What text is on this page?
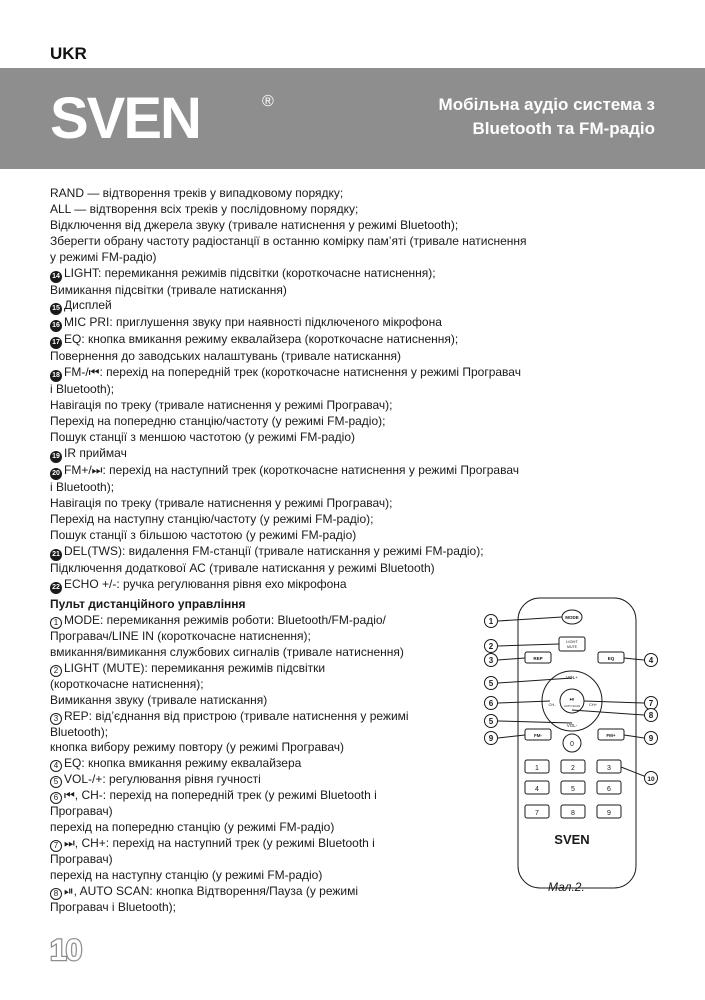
UKR
SVEN	®	Мобільна аудіо система з
Bluetooth та FM-радіо
RAND — відтворення треків у випадковому порядку;
ALL — відтворення всіх треків у послідовному порядку;
Відключення від джерела звуку (тривале натиснення у режимі Bluetooth);
Зберегти обрану частоту радіостанції в останню комірку пам’яті (тривале натиснення
у режимі FM-радіо)
14 LIGHT: перемикання режимів підсвітки (короткочасне натиснення);
Вимикання підсвітки (тривале натискання)
15 Дисплей
16 MIC PRI: приглушення звуку при наявності підключеного мікрофона
17 EQ: кнопка вмикання режиму еквалайзера (короткочасне натиснення);
Повернення до заводських налаштувань (тривале натискання)
18 FM-/⏮: перехід на попередній трек (короткочасне натиснення у режимі Програвач
і Bluetooth);
Навігація по треку (тривале натиснення у режимі Програвач);
Перехід на попередню станцію/частоту (у режимі FM-радіо);
Пошук станції з меншою частотою (у режимі FM-радіо)
19 IR приймач
20 FM+/⏭: перехід на наступний трек (короткочасне натиснення у режимі Програвач
і Bluetooth);
Навігація по треку (тривале натиснення у режимі Програвач);
Перехід на наступну станцію/частоту (у режимі FM-радіо);
Пошук станції з більшою частотою (у режимі FM-радіо)
21 DEL(TWS): видалення FM-станції (тривале натискання у режимі FM-радіо);
Підключення додаткової АС (тривале натискання у режимі Bluetooth)
22 ECHO +/-: ручка регулювання рівня ехо мікрофона
Пульт дистанційного управління
1 MODE: перемикання режимів роботи: Bluetooth/FM-радіо/
Програвач/LINE IN (короткочасне натиснення);
вмикання/вимикання службових сигналів (тривале натиснення)
2 LIGHT (MUTE): перемикання режимів підсвітки
(короткочасне натиснення);
Вимикання звуку (тривале натискання)
3 REP: від’єднання від пристрою (тривале натиснення у режимі
Bluetooth);
кнопка вибору режиму повтору (у режимі Програвач)
4 EQ: кнопка вмикання режиму еквалайзера
5 VOL-/+: регулювання рівня гучності
6 ⏮, CH-: перехід на попередній трек (у режимі Bluetooth і
Програвач)
перехід на попередню станцію (у режимі FM-радіо)
7 ⏭, CH+: перехід на наступний трек (у режимі Bluetooth і
Програвач)
перехід на наступну станцію (у режимі FM-радіо)
8 ⏯, AUTO SCAN: кнопка Відтворення/Пауза (у режимі
Програвач і Bluetooth);
MODE
LIGHT
MUTE
REP	EQ
VOL+
VOL-
CH-	CH+
⏯
AUTO SCAN
FM-
0
FM+
1	2	3
4	5	6
7	8	9
SVEN
1
2
3	4
5
6	7
8
5
9	9
10
Мал.2.
10
